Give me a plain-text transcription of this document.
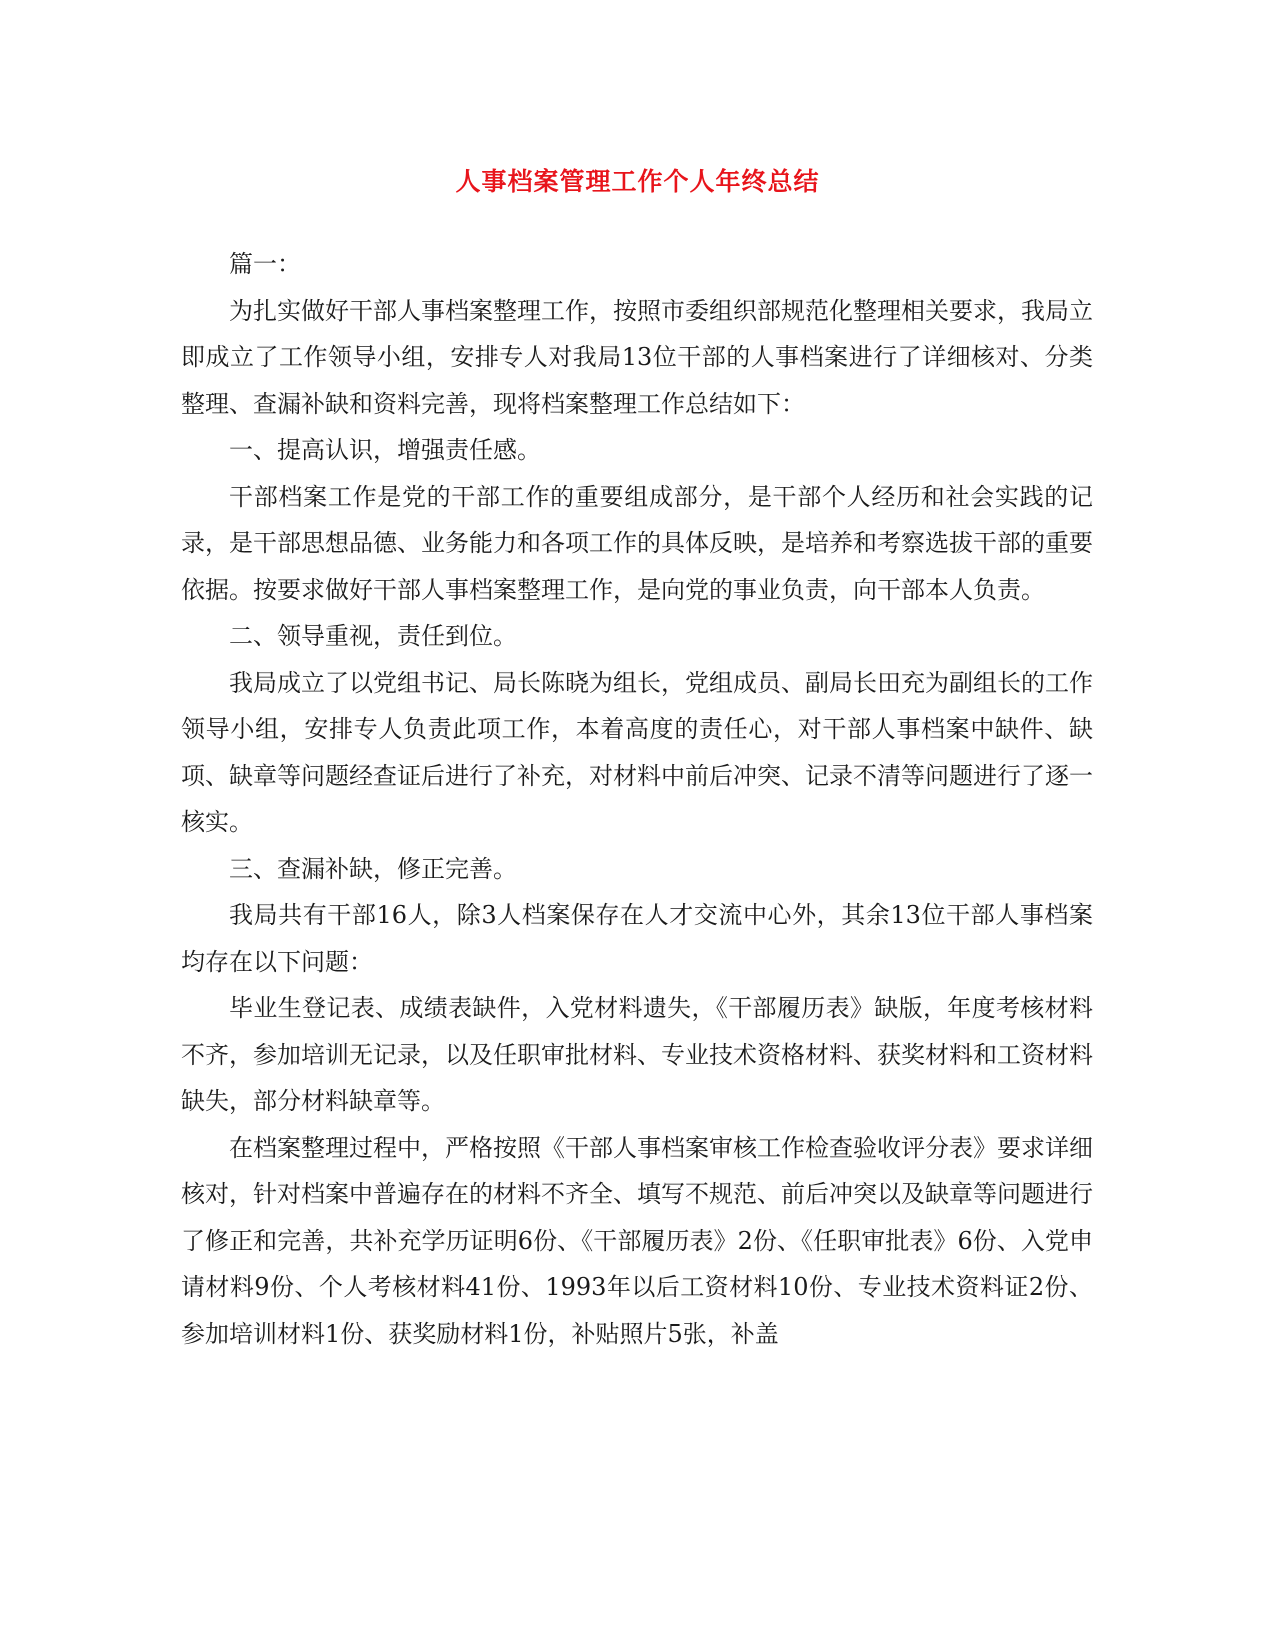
人事档案管理工作个人年终总结

篇一：

为扎实做好干部人事档案整理工作，按照市委组织部规范化整理相关要求，我局立即成立了工作领导小组，安排专人对我局13位干部的人事档案进行了详细核对、分类整理、查漏补缺和资料完善，现将档案整理工作总结如下：

一、提高认识，增强责任感。

干部档案工作是党的干部工作的重要组成部分，是干部个人经历和社会实践的记录，是干部思想品德、业务能力和各项工作的具体反映，是培养和考察选拔干部的重要依据。按要求做好干部人事档案整理工作，是向党的事业负责，向干部本人负责。

二、领导重视，责任到位。

我局成立了以党组书记、局长陈晓为组长，党组成员、副局长田充为副组长的工作领导小组，安排专人负责此项工作，本着高度的责任心，对干部人事档案中缺件、缺项、缺章等问题经查证后进行了补充，对材料中前后冲突、记录不清等问题进行了逐一核实。

三、查漏补缺，修正完善。

我局共有干部16人，除3人档案保存在人才交流中心外，其余13位干部人事档案均存在以下问题：

毕业生登记表、成绩表缺件，入党材料遗失，《干部履历表》缺版，年度考核材料不齐，参加培训无记录，以及任职审批材料、专业技术资格材料、获奖材料和工资材料缺失，部分材料缺章等。

在档案整理过程中，严格按照《干部人事档案审核工作检查验收评分表》要求详细核对，针对档案中普遍存在的材料不齐全、填写不规范、前后冲突以及缺章等问题进行了修正和完善，共补充学历证明6份、《干部履历表》2份、《任职审批表》6份、入党申请材料9份、个人考核材料41份、1993年以后工资材料10份、专业技术资料证2份、参加培训材料1份、获奖励材料1份，补贴照片5张，补盖
